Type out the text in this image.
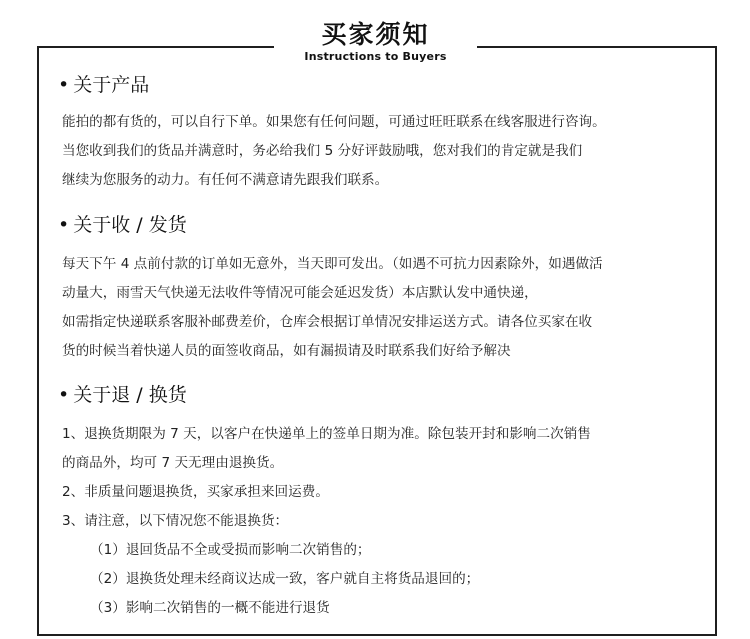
买家须知
Instructions to Buyers
• 关于产品
能拍的都有货的，可以自行下单。如果您有任何问题，可通过旺旺联系在线客服进行咨询。
当您收到我们的货品并满意时，务必给我们 5 分好评鼓励哦，您对我们的肯定就是我们
继续为您服务的动力。有任何不满意请先跟我们联系。
• 关于收 / 发货
每天下午 4 点前付款的订单如无意外，当天即可发出。（如遇不可抗力因素除外，如遇做活
动量大，雨雪天气快递无法收件等情况可能会延迟发货）本店默认发中通快递，
如需指定快递联系客服补邮费差价，仓库会根据订单情况安排运送方式。请各位买家在收
货的时候当着快递人员的面签收商品，如有漏损请及时联系我们好给予解决
• 关于退 / 换货
1、退换货期限为 7 天，以客户在快递单上的签单日期为准。除包装开封和影响二次销售
的商品外，均可 7 天无理由退换货。
2、非质量问题退换货，买家承担来回运费。
3、请注意，以下情况您不能退换货：
（1）退回货品不全或受损而影响二次销售的；
（2）退换货处理未经商议达成一致，客户就自主将货品退回的；
（3）影响二次销售的一概不能进行退货
